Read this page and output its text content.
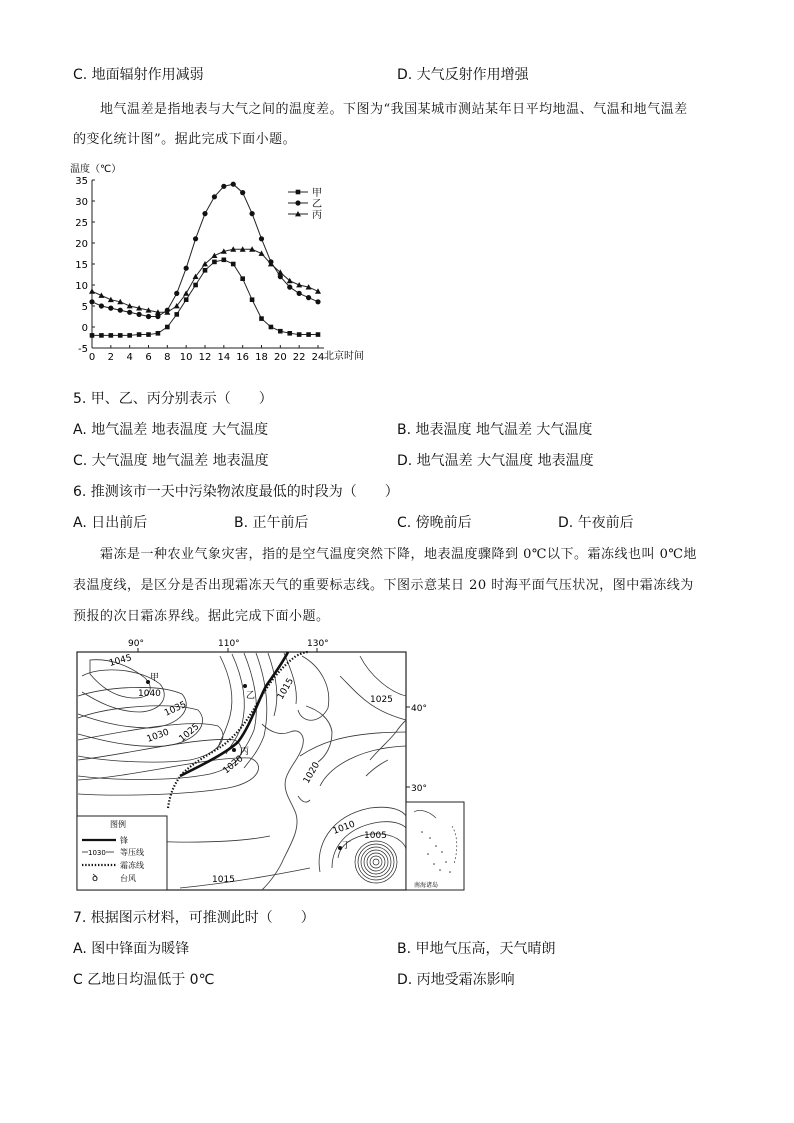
C. 地面辐射作用减弱	D. 大气反射作用增强
地气温差是指地表与大气之间的温度差。下图为“我国某城市测站某年日平均地温、气温和地气温差
的变化统计图”。据此完成下面小题。
温度（℃）
-5
0
5
10
15
20
25
30
35
0 2 4 6 8 10 12 14 16 18 20 22 24 北京时间
甲
乙
丙
5. 甲、乙、丙分别表示（　　）
A. 地气温差 地表温度 大气温度	B. 地表温度 地气温差 大气温度
C. 大气温度 地气温差 地表温度	D. 地气温差 大气温度 地表温度
6. 推测该市一天中污染物浓度最低的时段为（　　）
A. 日出前后	B. 正午前后	C. 傍晚前后	D. 午夜前后
霜冻是一种农业气象灾害，指的是空气温度突然下降，地表温度骤降到 0℃以下。霜冻线也叫 0℃地
表温度线，是区分是否出现霜冻天气的重要标志线。下图示意某日 20 时海平面气压状况，图中霜冻线为
预报的次日霜冻界线。据此完成下面小题。
90°	110°	130°
40°
30°
1045
1040
1035
1030 1025
1020
1015	1025
1020
1010 1005
1015
甲
乙
丙
丁
图例
锋
1030 等压线
霜冻线
ꝺ	台风
南海诸岛
7. 根据图示材料，可推测此时（　　）
A. 图中锋面为暖锋	B. 甲地气压高，天气晴朗
C 乙地日均温低于 0℃	D. 丙地受霜冻影响
